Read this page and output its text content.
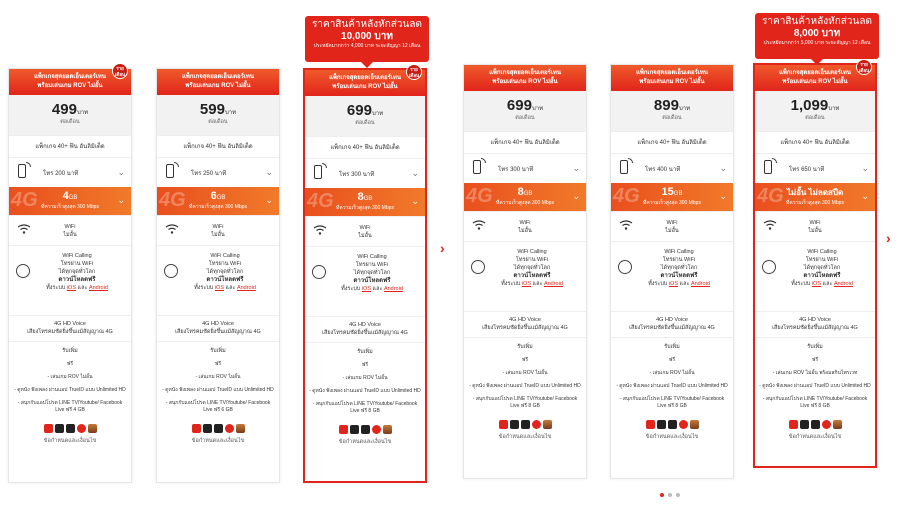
แพ็กเกจสุดยอดเอ็นเตอร์เทน
พร้อมเล่นเกม ROV ไม่อั้น
ราย เดือน
499บาท
ต่อเดือน
แพ็กเกจ 40+ ฟีน อันลิมิเต็ด
โทร 200 นาที	⌄
4G	4GB
ที่ความเร็วสูงสุด 300 Mbps
⌄
WiFi
ไม่อั้น
WiFi Calling
โทรผ่าน WiFi
ได้ทุกจุดทั่วโลก
ดาวน์โหลดฟรี
ทั้งระบบ iOS และ Android
4G HD Voice
เสียงโทรคมชัดยิ่งขึ้นแม้สัญญาณ 4G
รับเพิ่ม
ฟรี
- เล่นเกม ROV ไม่อั้น
- ดูหนัง ฟังเพลง ผ่านแอป TrueID แบบ Unlimited HD
- สนุกกับแอปโปรด LINE TV/Youtube/ Facebook Live ฟรี 4 GB
ข้อกำหนดและเงื่อนไข
แพ็กเกจสุดยอดเอ็นเตอร์เทน
พร้อมเล่นเกม ROV ไม่อั้น
599บาท
ต่อเดือน
แพ็กเกจ 40+ ฟีน อันลิมิเต็ด
โทร 250 นาที	⌄
4G	6GB
ที่ความเร็วสูงสุด 300 Mbps
⌄
WiFi
ไม่อั้น
WiFi Calling
โทรผ่าน WiFi
ได้ทุกจุดทั่วโลก
ดาวน์โหลดฟรี
ทั้งระบบ iOS และ Android
4G HD Voice
เสียงโทรคมชัดยิ่งขึ้นแม้สัญญาณ 4G
รับเพิ่ม
ฟรี
- เล่นเกม ROV ไม่อั้น
- ดูหนัง ฟังเพลง ผ่านแอป TrueID แบบ Unlimited HD
- สนุกกับแอปโปรด LINE TV/Youtube/ Facebook Live ฟรี 6 GB
ข้อกำหนดและเงื่อนไข
ราคาสินค้าหลังหักส่วนลด
10,000 บาท
ประหยัดมากกว่า 4,000 บาท ระยะสัญญา 12 เดือน
แพ็กเกจสุดยอดเอ็นเตอร์เทน
พร้อมเล่นเกม ROV ไม่อั้น
ราย เดือน
699บาท
ต่อเดือน
แพ็กเกจ 40+ ฟีน อันลิมิเต็ด
โทร 300 นาที	⌄
4G	8GB
ที่ความเร็วสูงสุด 300 Mbps
⌄
WiFi
ไม่อั้น
WiFi Calling
โทรผ่าน WiFi
ได้ทุกจุดทั่วโลก
ดาวน์โหลดฟรี
ทั้งระบบ iOS และ Android
4G HD Voice
เสียงโทรคมชัดยิ่งขึ้นแม้สัญญาณ 4G
รับเพิ่ม
ฟรี
- เล่นเกม ROV ไม่อั้น
- ดูหนัง ฟังเพลง ผ่านแอป TrueID แบบ Unlimited HD
- สนุกกับแอปโปรด LINE TV/Youtube/ Facebook Live ฟรี 8 GB
ข้อกำหนดและเงื่อนไข
›
แพ็กเกจสุดยอดเอ็นเตอร์เทน
พร้อมเล่นเกม ROV ไม่อั้น
699บาท
ต่อเดือน
แพ็กเกจ 40+ ฟีน อันลิมิเต็ด
โทร 300 นาที	⌄
4G	8GB
ที่ความเร็วสูงสุด 300 Mbps
⌄
WiFi
ไม่อั้น
WiFi Calling
โทรผ่าน WiFi
ได้ทุกจุดทั่วโลก
ดาวน์โหลดฟรี
ทั้งระบบ iOS และ Android
4G HD Voice
เสียงโทรคมชัดยิ่งขึ้นแม้สัญญาณ 4G
รับเพิ่ม
ฟรี
- เล่นเกม ROV ไม่อั้น
- ดูหนัง ฟังเพลง ผ่านแอป TrueID แบบ Unlimited HD
- สนุกกับแอปโปรด LINE TV/Youtube/ Facebook Live ฟรี 8 GB
ข้อกำหนดและเงื่อนไข
แพ็กเกจสุดยอดเอ็นเตอร์เทน
พร้อมเล่นเกม ROV ไม่อั้น
899บาท
ต่อเดือน
แพ็กเกจ 40+ ฟีน อันลิมิเต็ด
โทร 400 นาที	⌄
4G	15GB
ที่ความเร็วสูงสุด 300 Mbps
⌄
WiFi
ไม่อั้น
WiFi Calling
โทรผ่าน WiFi
ได้ทุกจุดทั่วโลก
ดาวน์โหลดฟรี
ทั้งระบบ iOS และ Android
4G HD Voice
เสียงโทรคมชัดยิ่งขึ้นแม้สัญญาณ 4G
รับเพิ่ม
ฟรี
- เล่นเกม ROV ไม่อั้น
- ดูหนัง ฟังเพลง ผ่านแอป TrueID แบบ Unlimited HD
- สนุกกับแอปโปรด LINE TV/Youtube/ Facebook Live ฟรี 8 GB
ข้อกำหนดและเงื่อนไข
ราคาสินค้าหลังหักส่วนลด
8,000 บาท
ประหยัดมากกว่า 5,000 บาท ระยะสัญญา 12 เดือน
แพ็กเกจสุดยอดเอ็นเตอร์เทน
พร้อมเล่นเกม ROV ไม่อั้น
ราย เดือน
1,099บาท
ต่อเดือน
แพ็กเกจ 40+ ฟีน อันลิมิเต็ด
โทร 650 นาที	⌄
4G ไม่อั้น ไม่ลดสปีด
ที่ความเร็วสูงสุด 300 Mbps
⌄
WiFi
ไม่อั้น
WiFi Calling
โทรผ่าน WiFi
ได้ทุกจุดทั่วโลก
ดาวน์โหลดฟรี
ทั้งระบบ iOS และ Android
4G HD Voice
เสียงโทรคมชัดยิ่งขึ้นแม้สัญญาณ 4G
รับเพิ่ม
ฟรี
- เล่นเกม ROV ไม่อั้น พร้อมสกินไพรเวท
- ดูหนัง ฟังเพลง ผ่านแอป TrueID แบบ Unlimited HD
- สนุกกับแอปโปรด LINE TV/Youtube/ Facebook Live ฟรี 8 GB
ข้อกำหนดและเงื่อนไข
›
